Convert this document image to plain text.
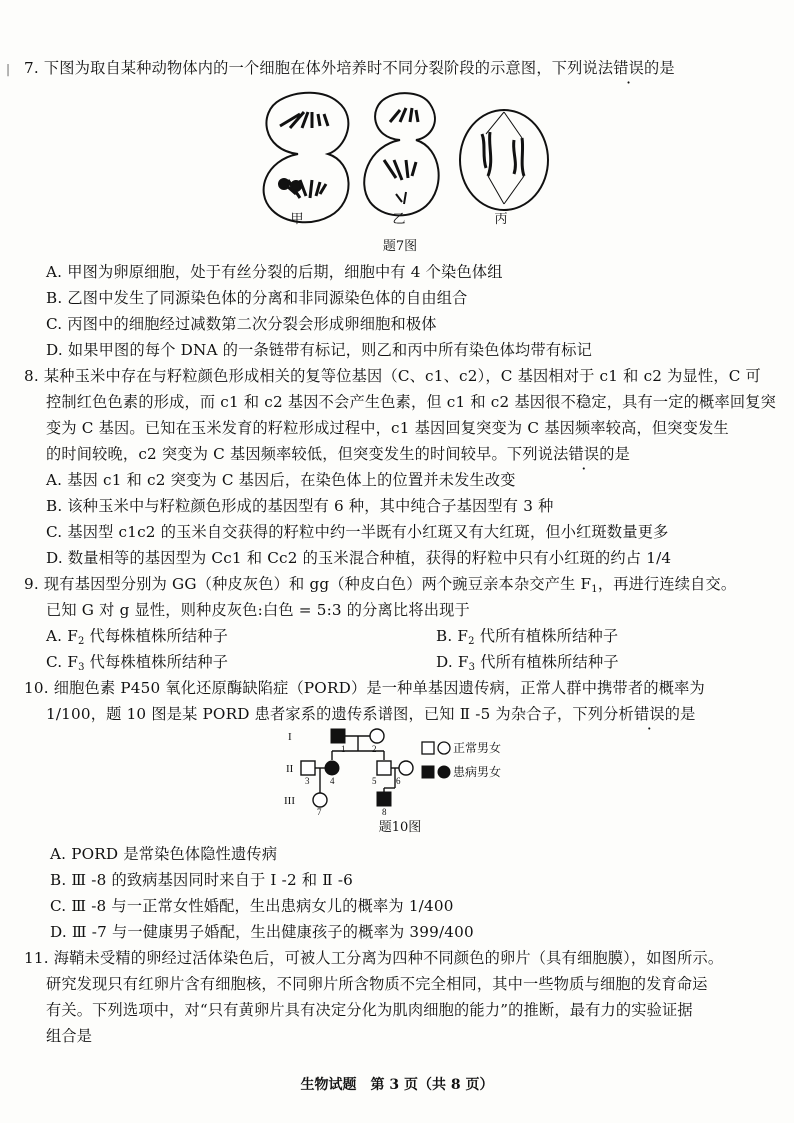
| 7. 下图为取自某种动物体内的一个细胞在体外培养时不同分裂阶段的示意图，下列说法错误的是
甲	乙	丙
题7图
A. 甲图为卵原细胞，处于有丝分裂的后期，细胞中有 4 个染色体组
B. 乙图中发生了同源染色体的分离和非同源染色体的自由组合
C. 丙图中的细胞经过减数第二次分裂会形成卵细胞和极体
D. 如果甲图的每个 DNA 的一条链带有标记，则乙和丙中所有染色体均带有标记
8. 某种玉米中存在与籽粒颜色形成相关的复等位基因（C、c1、c2），C 基因相对于 c1 和 c2 为显性，C 可
控制红色色素的形成，而 c1 和 c2 基因不会产生色素，但 c1 和 c2 基因很不稳定，具有一定的概率回复突
变为 C 基因。已知在玉米发育的籽粒形成过程中，c1 基因回复突变为 C 基因频率较高，但突变发生
的时间较晚，c2 突变为 C 基因频率较低，但突变发生的时间较早。下列说法错误的是
A. 基因 c1 和 c2 突变为 C 基因后，在染色体上的位置并未发生改变
B. 该种玉米中与籽粒颜色形成的基因型有 6 种，其中纯合子基因型有 3 种
C. 基因型 c1c2 的玉米自交获得的籽粒中约一半既有小红斑又有大红斑，但小红斑数量更多
D. 数量相等的基因型为 Cc1 和 Cc2 的玉米混合种植，获得的籽粒中只有小红斑的约占 1/4
9. 现有基因型分别为 GG（种皮灰色）和 gg（种皮白色）两个豌豆亲本杂交产生 $F_1$，再进行连续自交。
已知 G 对 g 显性，则种皮灰色:白色 = 5:3 的分离比将出现于
A. $F_2$ 代每株植株所结种子	B. $F_2$ 代所有植株所结种子
C. $F_3$ 代每株植株所结种子	D. $F_3$ 代所有植株所结种子
10. 细胞色素 P450 氧化还原酶缺陷症（PORD）是一种单基因遗传病，正常人群中携带者的概率为
1/100，题 10 图是某 PORD 患者家系的遗传系谱图，已知 Ⅱ -5 为杂合子，下列分析错误的是
I
II
III
1	2
3 4	5 6
7	8
正常男女
患病男女
题10图
A. PORD 是常染色体隐性遗传病
B. Ⅲ -8 的致病基因同时来自于 Ⅰ -2 和 Ⅱ -6
C. Ⅲ -8 与一正常女性婚配，生出患病女儿的概率为 1/400
D. Ⅲ -7 与一健康男子婚配，生出健康孩子的概率为 399/400
11. 海鞘未受精的卵经过活体染色后，可被人工分离为四种不同颜色的卵片（具有细胞膜），如图所示。
研究发现只有红卵片含有细胞核，不同卵片所含物质不完全相同，其中一些物质与细胞的发育命运
有关。下列选项中，对“只有黄卵片具有决定分化为肌肉细胞的能力”的推断，最有力的实验证据
组合是
生物试题　第 3 页（共 8 页）
